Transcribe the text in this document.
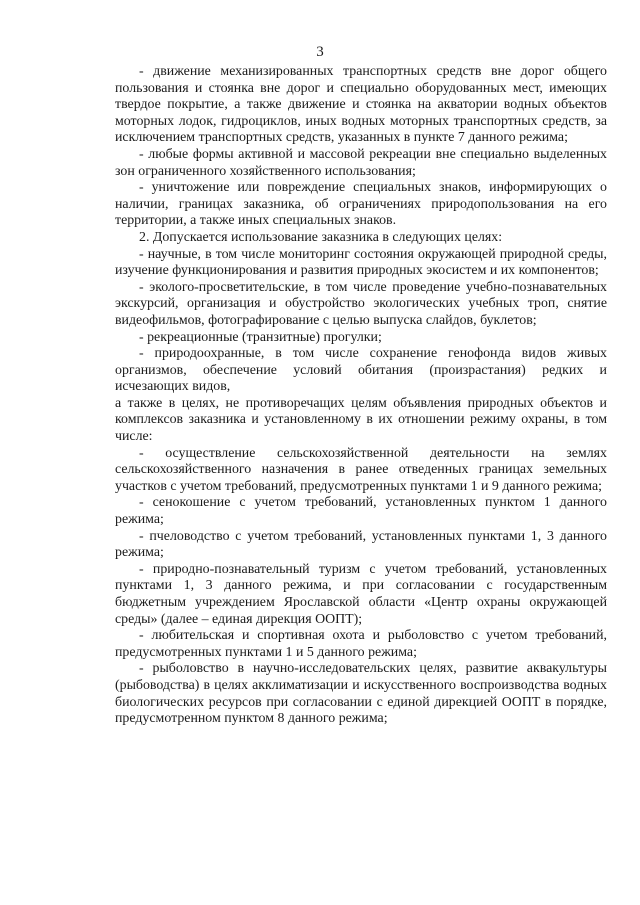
3

- движение механизированных транспортных средств вне дорог общего пользования и стоянка вне дорог и специально оборудованных мест, имеющих твердое покрытие, а также движение и стоянка на акватории водных объектов моторных лодок, гидроциклов, иных водных моторных транспортных средств, за исключением транспортных средств, указанных в пункте 7 данного режима;

- любые формы активной и массовой рекреации вне специально выделенных зон ограниченного хозяйственного использования;

- уничтожение или повреждение специальных знаков, информирующих о наличии, границах заказника, об ограничениях природопользования на его территории, а также иных специальных знаков.

2. Допускается использование заказника в следующих целях:

- научные, в том числе мониторинг состояния окружающей природной среды, изучение функционирования и развития природных экосистем и их компонентов;

- эколого-просветительские, в том числе проведение учебно-познавательных экскурсий, организация и обустройство экологических учебных троп, снятие видеофильмов, фотографирование с целью выпуска слайдов, буклетов;

- рекреационные (транзитные) прогулки;

- природоохранные, в том числе сохранение генофонда видов живых организмов, обеспечение условий обитания (произрастания) редких и исчезающих видов,

а также в целях, не противоречащих целям объявления природных объектов и комплексов заказника и установленному в их отношении режиму охраны, в том числе:

- осуществление сельскохозяйственной деятельности на землях сельскохозяйственного назначения в ранее отведенных границах земельных участков с учетом требований, предусмотренных пунктами 1 и 9 данного режима;

- сенокошение с учетом требований, установленных пунктом 1 данного режима;

- пчеловодство с учетом требований, установленных пунктами 1, 3 данного режима;

- природно-познавательный туризм с учетом требований, установленных пунктами 1, 3 данного режима, и при согласовании с государственным бюджетным учреждением Ярославской области «Центр охраны окружающей среды» (далее – единая дирекция ООПТ);

- любительская и спортивная охота и рыболовство с учетом требований, предусмотренных пунктами 1 и 5 данного режима;

- рыболовство в научно-исследовательских целях, развитие аквакультуры (рыбоводства) в целях акклиматизации и искусственного воспроизводства водных биологических ресурсов при согласовании с единой дирекцией ООПТ в порядке, предусмотренном пунктом 8 данного режима;
